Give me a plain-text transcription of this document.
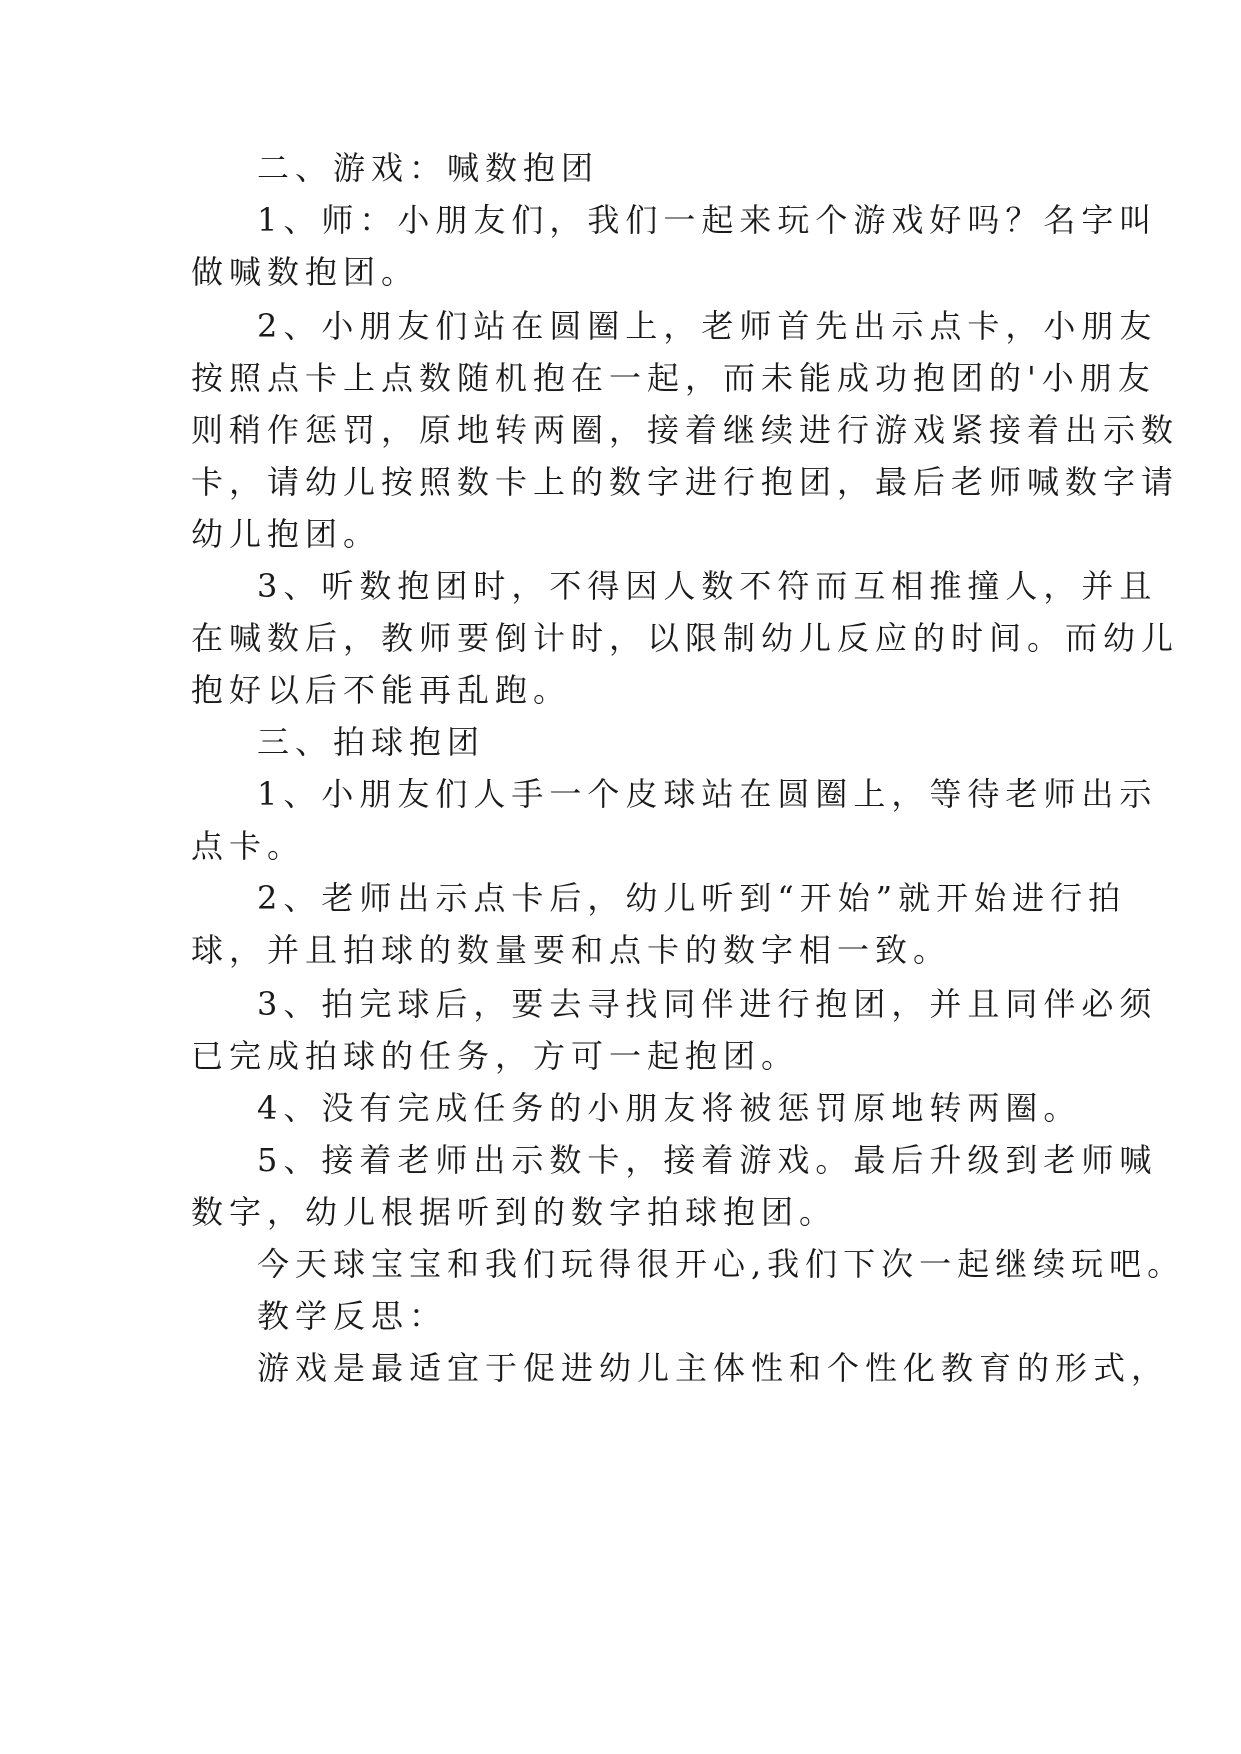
二、游戏：喊数抱团
1、师：小朋友们，我们一起来玩个游戏好吗？名字叫
做喊数抱团。
2、小朋友们站在圆圈上，老师首先出示点卡，小朋友
按照点卡上点数随机抱在一起，而未能成功抱团的'小朋友
则稍作惩罚，原地转两圈，接着继续进行游戏紧接着出示数
卡，请幼儿按照数卡上的数字进行抱团，最后老师喊数字请
幼儿抱团。
3、听数抱团时，不得因人数不符而互相推撞人，并且
在喊数后，教师要倒计时，以限制幼儿反应的时间。而幼儿
抱好以后不能再乱跑。
三、拍球抱团
1、小朋友们人手一个皮球站在圆圈上，等待老师出示
点卡。
2、老师出示点卡后，幼儿听到“开始”就开始进行拍
球，并且拍球的数量要和点卡的数字相一致。
3、拍完球后，要去寻找同伴进行抱团，并且同伴必须
已完成拍球的任务，方可一起抱团。
4、没有完成任务的小朋友将被惩罚原地转两圈。
5、接着老师出示数卡，接着游戏。最后升级到老师喊
数字，幼儿根据听到的数字拍球抱团。
今天球宝宝和我们玩得很开心,我们下次一起继续玩吧。
教学反思：
游戏是最适宜于促进幼儿主体性和个性化教育的形式，
